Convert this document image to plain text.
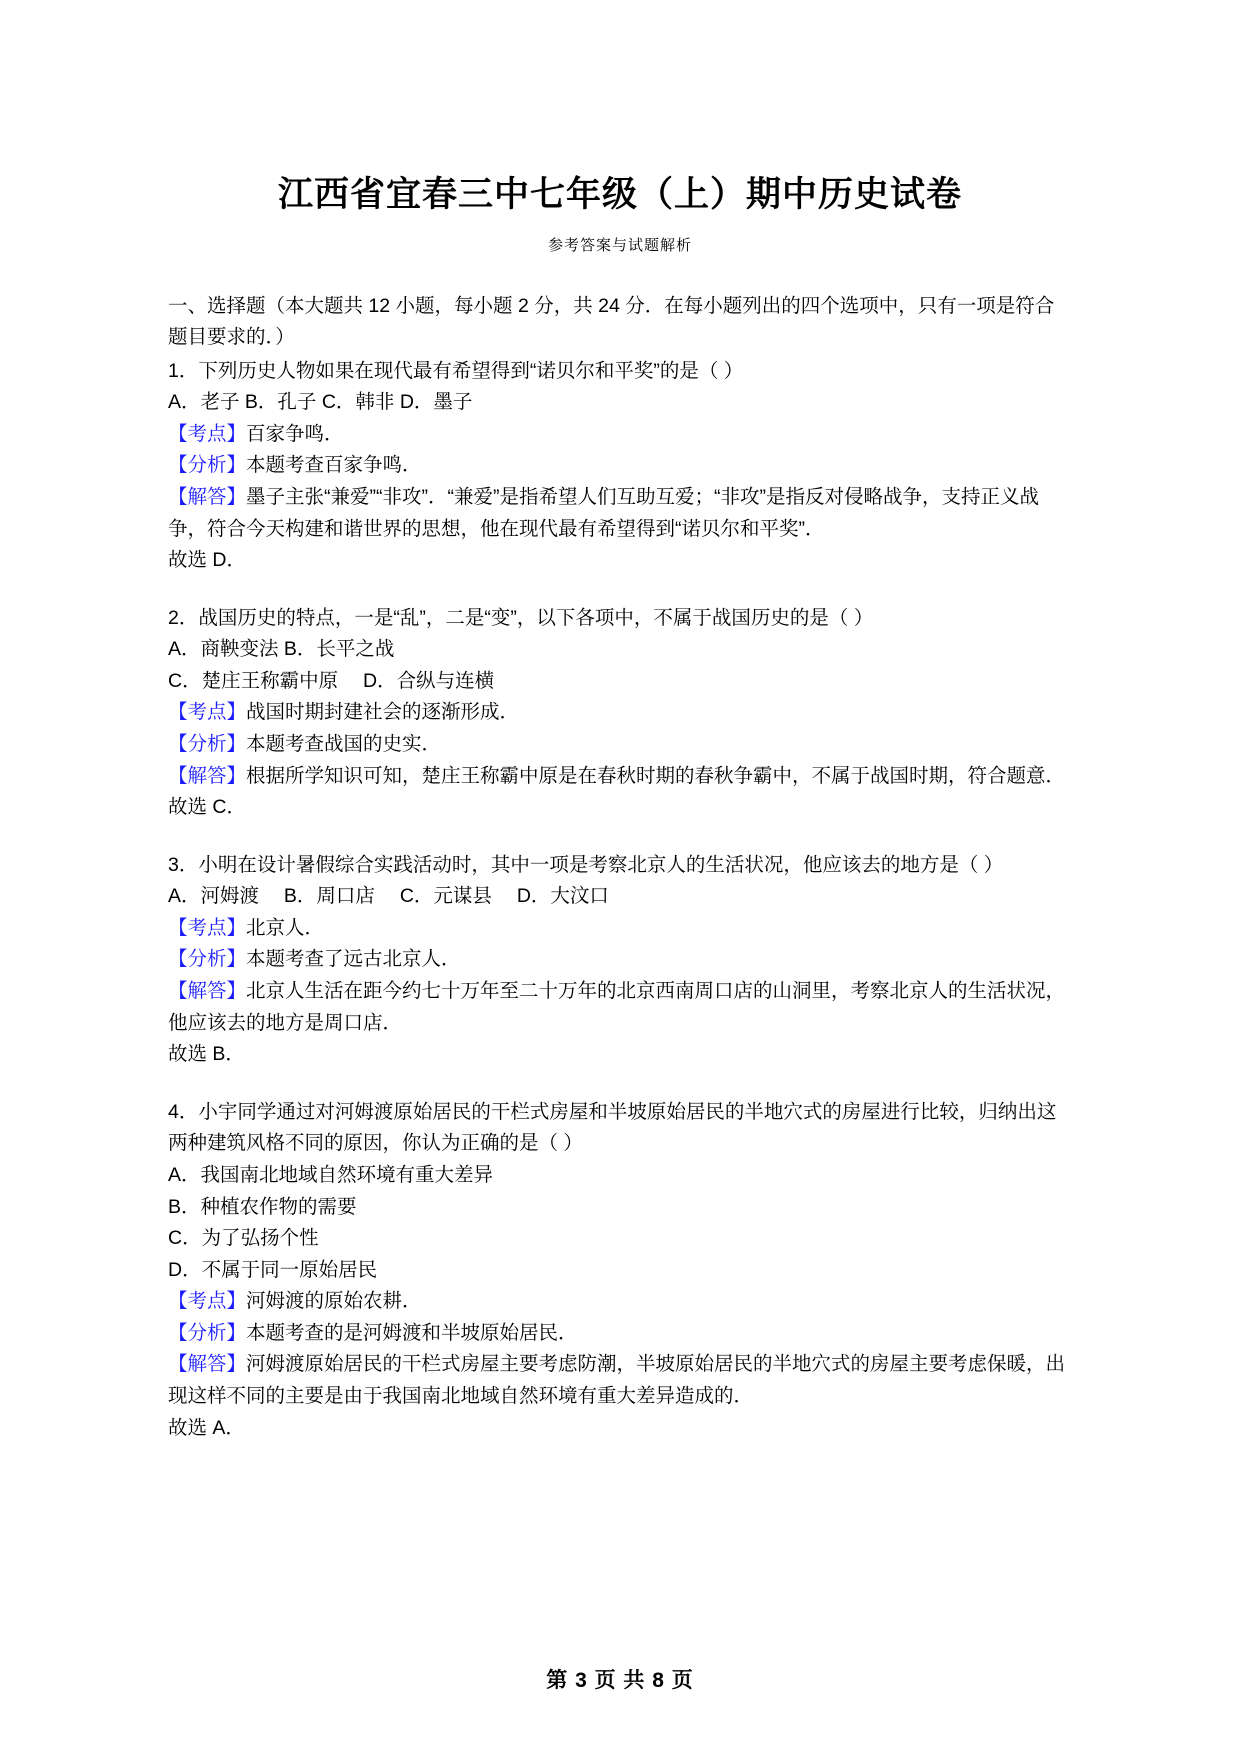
江西省宜春三中七年级（上）期中历史试卷
参考答案与试题解析

一、选择题（本大题共 12 小题，每小题 2 分，共 24 分．在每小题列出的四个选项中，只有一项是符合题目要求的．）

1．下列历史人物如果在现代最有希望得到“诺贝尔和平奖”的是（ ）

A．老子 B．孔子 C．韩非 D．墨子

【考点】百家争鸣．

【分析】本题考查百家争鸣．

【解答】墨子主张“兼爱”“非攻”．“兼爱”是指希望人们互助互爱；“非攻”是指反对侵略战争，支持正义战争，符合今天构建和谐世界的思想，他在现代最有希望得到“诺贝尔和平奖”．

故选 D．

2．战国历史的特点，一是“乱”，二是“变”，以下各项中，不属于战国历史的是（ ）

A．商鞅变法 B．长平之战

C．楚庄王称霸中原　 D．合纵与连横

【考点】战国时期封建社会的逐渐形成．

【分析】本题考查战国的史实．

【解答】根据所学知识可知，楚庄王称霸中原是在春秋时期的春秋争霸中，不属于战国时期，符合题意．

故选 C．

3．小明在设计暑假综合实践活动时，其中一项是考察北京人的生活状况，他应该去的地方是（ ）

A．河姆渡　 B．周口店　 C．元谋县　 D．大汶口

【考点】北京人．

【分析】本题考查了远古北京人．

【解答】北京人生活在距今约七十万年至二十万年的北京西南周口店的山洞里，考察北京人的生活状况，他应该去的地方是周口店．

故选 B．

4．小宇同学通过对河姆渡原始居民的干栏式房屋和半坡原始居民的半地穴式的房屋进行比较，归纳出这两种建筑风格不同的原因，你认为正确的是（ ）

A．我国南北地域自然环境有重大差异

B．种植农作物的需要

C．为了弘扬个性

D．不属于同一原始居民

【考点】河姆渡的原始农耕．

【分析】本题考查的是河姆渡和半坡原始居民．

【解答】河姆渡原始居民的干栏式房屋主要考虑防潮，半坡原始居民的半地穴式的房屋主要考虑保暖，出现这样不同的主要是由于我国南北地域自然环境有重大差异造成的．

故选 A．

第 3 页 共 8 页
